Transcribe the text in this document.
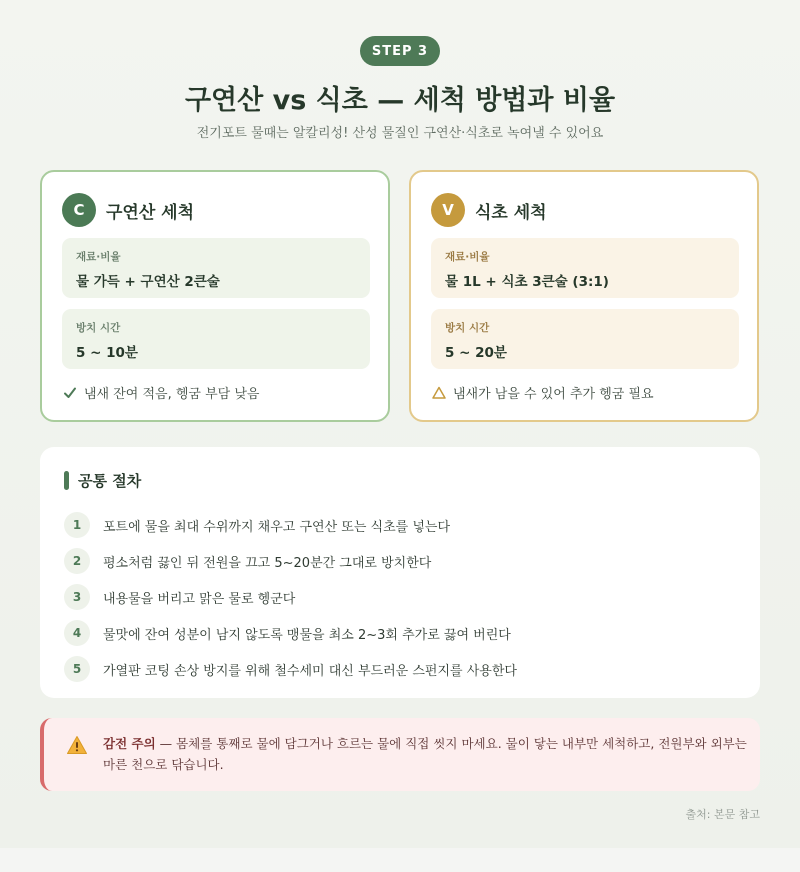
STEP 3
구연산 vs 식초 — 세척 방법과 비율

전기포트 물때는 알칼리성! 산성 물질인 구연산·식초로 녹여낼 수 있어요

C	구연산 세척
재료·비율
물 가득 + 구연산 2큰술
방치 시간
5 ~ 10분
냄새 잔여 적음, 헹굼 부담 낮음
V	식초 세척
재료·비율
물 1L + 식초 3큰술 (3:1)
방치 시간
5 ~ 20분
냄새가 남을 수 있어 추가 헹굼 필요
공통 절차
1	포트에 물을 최대 수위까지 채우고 구연산 또는 식초를 넣는다
2	평소처럼 끓인 뒤 전원을 끄고 5~20분간 그대로 방치한다
3	내용물을 버리고 맑은 물로 헹군다
4	물맛에 잔여 성분이 남지 않도록 맹물을 최소 2~3회 추가로 끓여 버린다
5	가열판 코팅 손상 방지를 위해 철수세미 대신 부드러운 스펀지를 사용한다

감전 주의 — 몸체를 통째로 물에 담그거나 흐르는 물에 직접 씻지 마세요. 물이 닿는 내부만 세척하고, 전원부와 외부는 마른 천으로 닦습니다.

출처: 본문 참고
